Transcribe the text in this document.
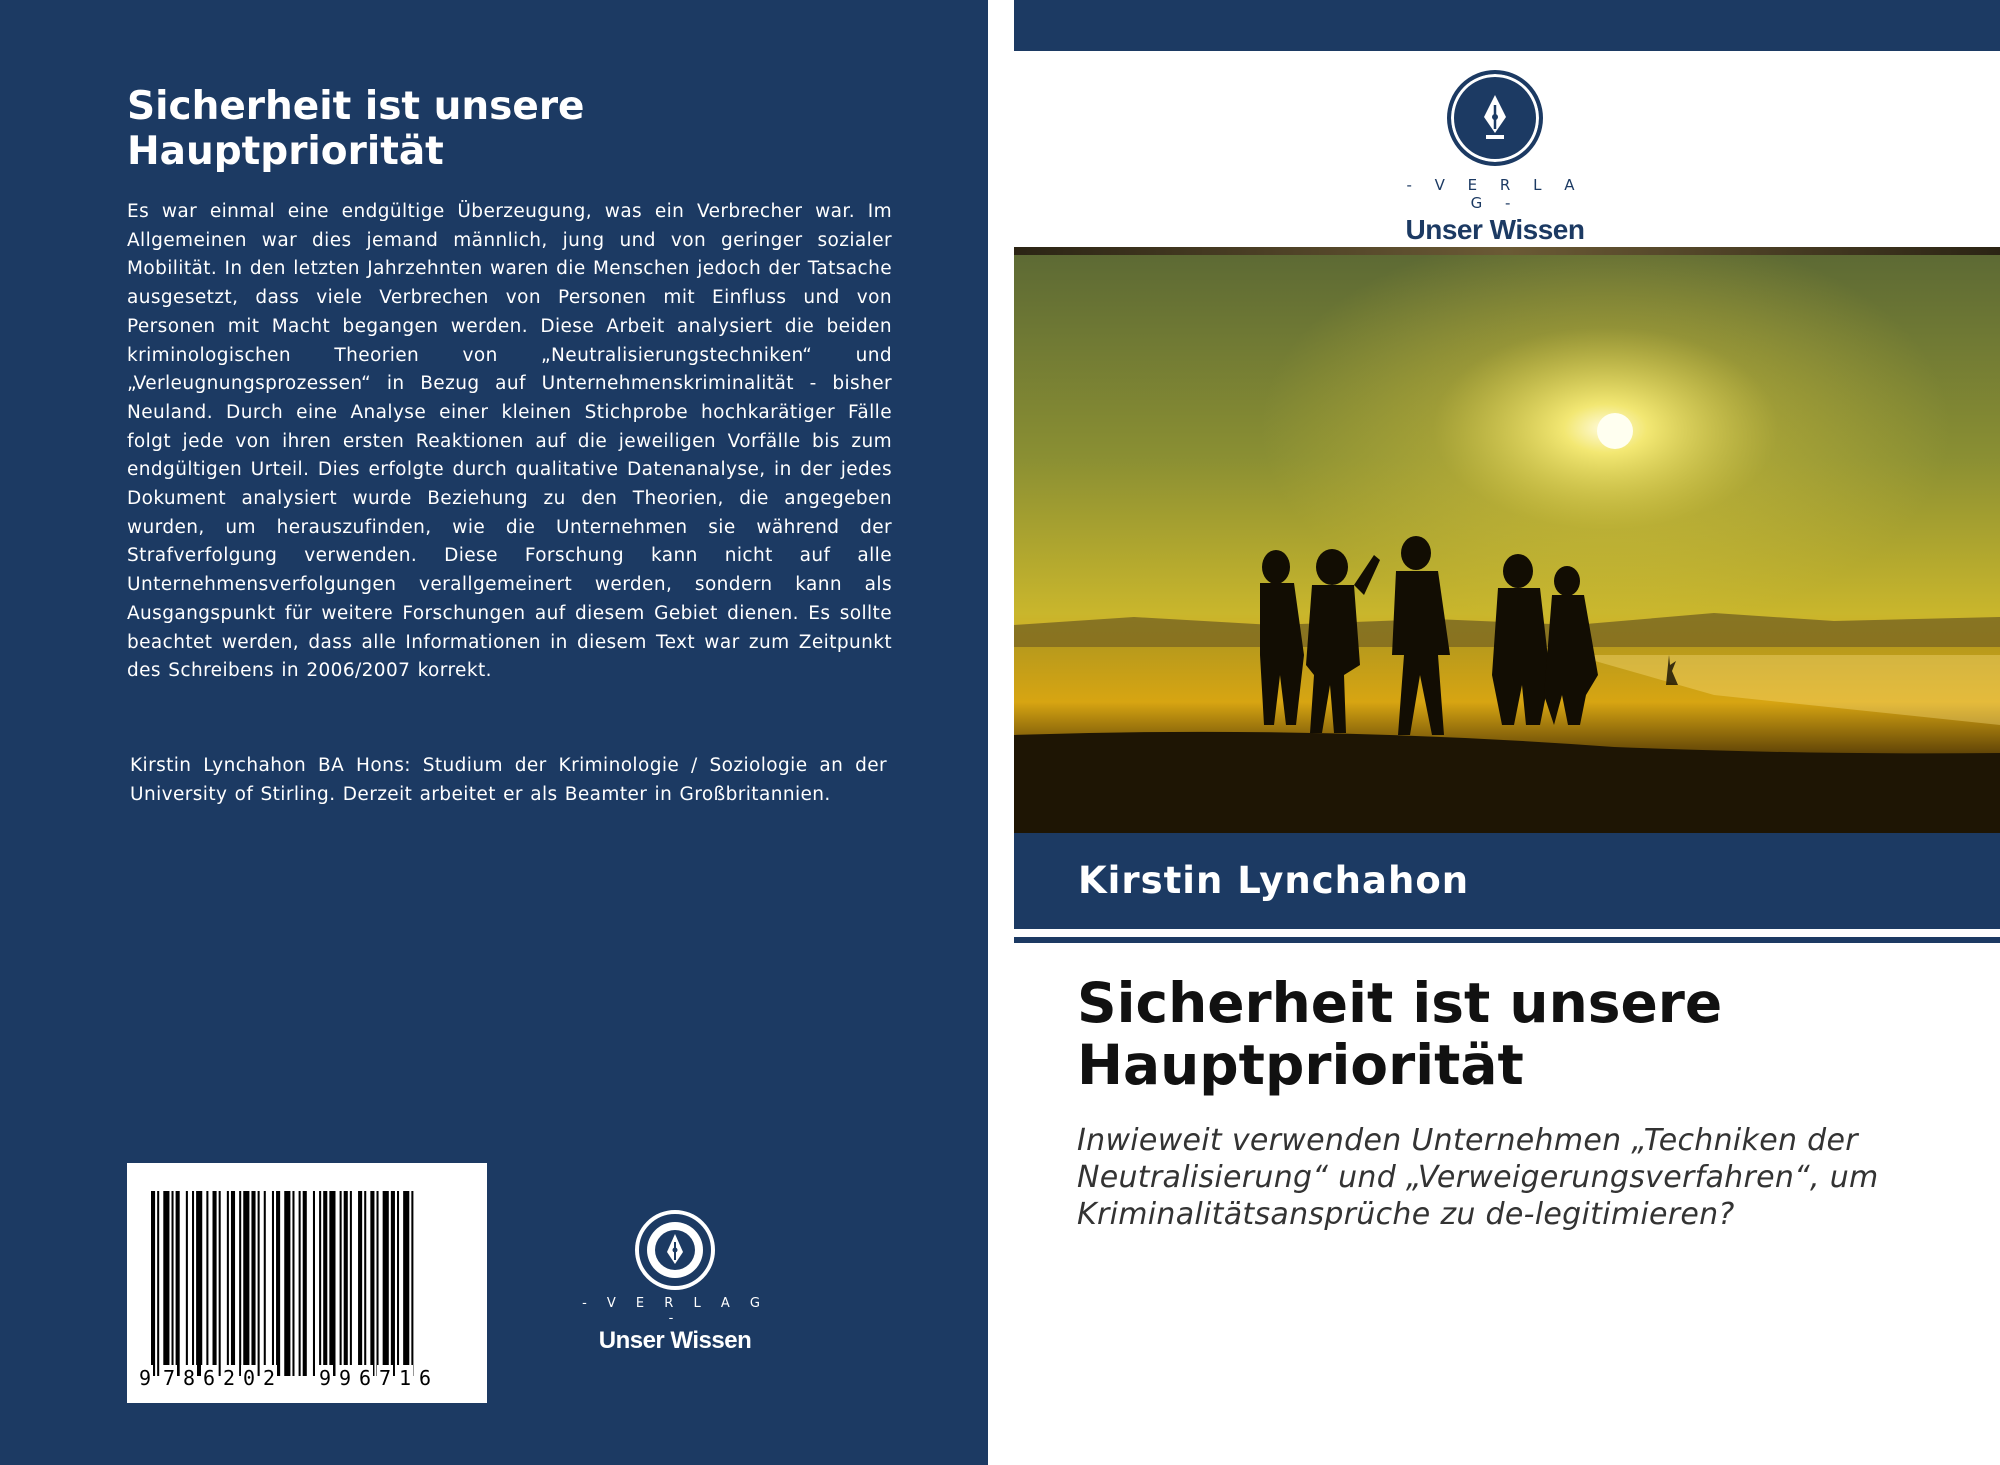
Sicherheit ist unsere
Hauptpriorität

Es war einmal eine endgültige Überzeugung, was ein Verbrecher war. Im Allgemeinen war dies jemand männlich, jung und von geringer sozialer Mobilität. In den letzten Jahrzehnten waren die Menschen jedoch der Tatsache ausgesetzt, dass viele Verbrechen von Personen mit Einfluss und von Personen mit Macht begangen werden. Diese Arbeit analysiert die beiden kriminologischen Theorien von „Neutralisierungstechniken“ und „Verleugnungsprozessen“ in Bezug auf Unternehmenskriminalität - bisher Neuland. Durch eine Analyse einer kleinen Stichprobe hochkarätiger Fälle folgt jede von ihren ersten Reaktionen auf die jeweiligen Vorfälle bis zum endgültigen Urteil. Dies erfolgte durch qualitative Datenanalyse, in der jedes Dokument analysiert wurde Beziehung zu den Theorien, die angegeben wurden, um herauszufinden, wie die Unternehmen sie während der Strafverfolgung verwenden. Diese Forschung kann nicht auf alle Unternehmensverfolgungen verallgemeinert werden, sondern kann als Ausgangspunkt für weitere Forschungen auf diesem Gebiet dienen. Es sollte beachtet werden, dass alle Informationen in diesem Text war zum Zeitpunkt des Schreibens in 2006/2007 korrekt.

Kirstin Lynchahon BA Hons: Studium der Kriminologie / Soziologie an der University of Stirling. Derzeit arbeitet er als Beamter in Großbritannien.

9 7 8 6 2 0 2 9 9 6 7 1 6
- V E R L A G -
Unser Wissen
- V E R L A G -
Unser Wissen
Kirstin Lynchahon
Sicherheit ist unsere
Hauptpriorität

Inwieweit verwenden Unternehmen „Techniken der
Neutralisierung“ und „Verweigerungsverfahren“, um
Kriminalitätsansprüche zu de-legitimieren?
